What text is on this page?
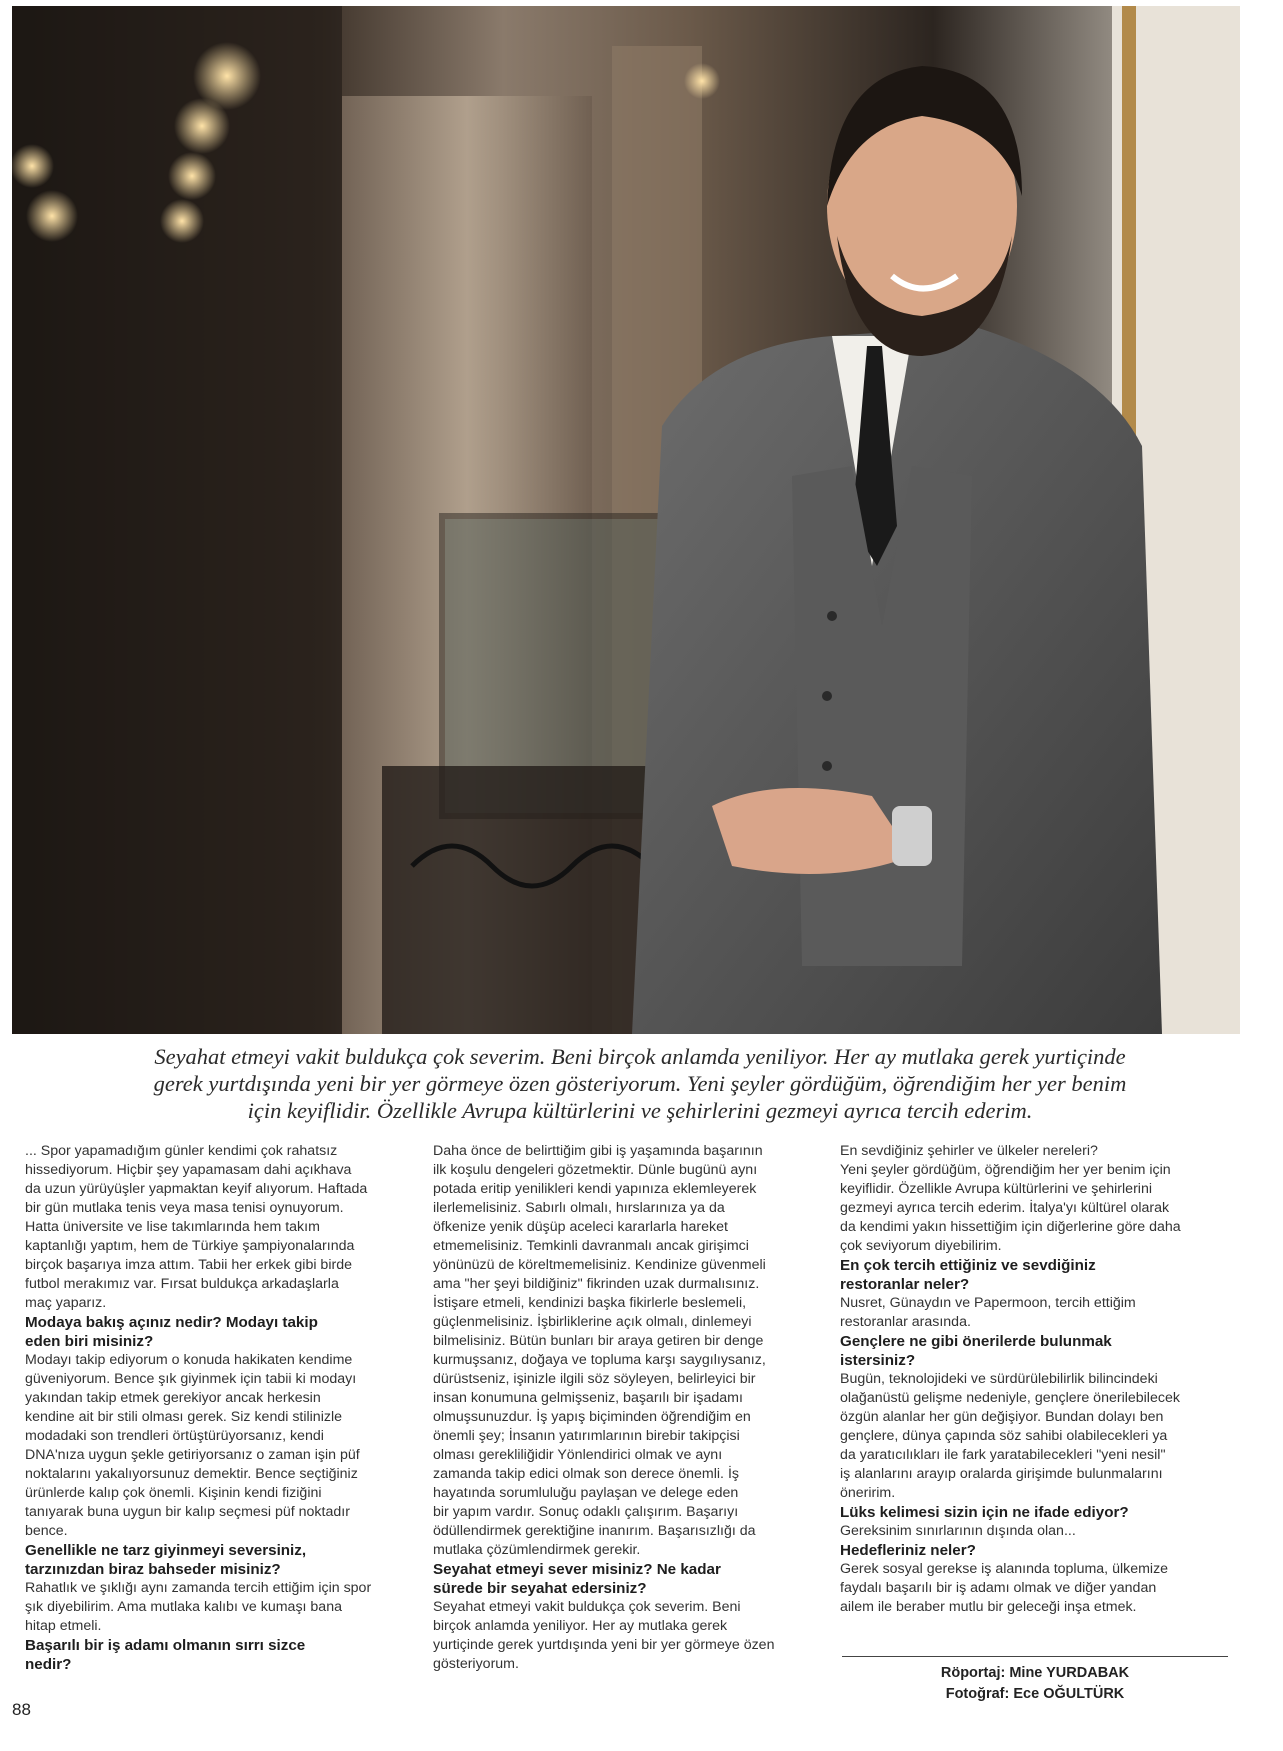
Seyahat etmeyi vakit buldukça çok severim. Beni birçok anlamda yeniliyor. Her ay mutlaka gerek yurtiçinde
gerek yurtdışında yeni bir yer görmeye özen gösteriyorum. Yeni şeyler gördüğüm, öğrendiğim her yer benim
için keyiflidir. Özellikle Avrupa kültürlerini ve şehirlerini gezmeyi ayrıca tercih ederim.

... Spor yapamadığım günler kendimi çok rahatsız
hissediyorum. Hiçbir şey yapamasam dahi açıkhava
da uzun yürüyüşler yapmaktan keyif alıyorum. Haftada
bir gün mutlaka tenis veya masa tenisi oynuyorum.
Hatta üniversite ve lise takımlarında hem takım
kaptanlığı yaptım, hem de Türkiye şampiyonalarında
birçok başarıya imza attım. Tabii her erkek gibi birde
futbol merakımız var. Fırsat buldukça arkadaşlarla
maç yaparız.

Modaya bakış açınız nedir? Modayı takip
eden biri misiniz?

Modayı takip ediyorum o konuda hakikaten kendime
güveniyorum. Bence şık giyinmek için tabii ki modayı
yakından takip etmek gerekiyor ancak herkesin
kendine ait bir stili olması gerek. Siz kendi stilinizle
modadaki son trendleri örtüştürüyorsanız, kendi
DNA'nıza uygun şekle getiriyorsanız o zaman işin püf
noktalarını yakalıyorsunuz demektir. Bence seçtiğiniz
ürünlerde kalıp çok önemli. Kişinin kendi fiziğini
tanıyarak buna uygun bir kalıp seçmesi püf noktadır
bence.

Genellikle ne tarz giyinmeyi seversiniz,
tarzınızdan biraz bahseder misiniz?

Rahatlık ve şıklığı aynı zamanda tercih ettiğim için spor
şık diyebilirim. Ama mutlaka kalıbı ve kumaşı bana
hitap etmeli.

Başarılı bir iş adamı olmanın sırrı sizce
nedir?

Daha önce de belirttiğim gibi iş yaşamında başarının
ilk koşulu dengeleri gözetmektir. Dünle bugünü aynı
potada eritip yenilikleri kendi yapınıza eklemleyerek
ilerlemelisiniz. Sabırlı olmalı, hırslarınıza ya da
öfkenize yenik düşüp aceleci kararlarla hareket
etmemelisiniz. Temkinli davranmalı ancak girişimci
yönünüzü de köreltmemelisiniz. Kendinize güvenmeli
ama "her şeyi bildiğiniz" fikrinden uzak durmalısınız.
İstişare etmeli, kendinizi başka fikirlerle beslemeli,
güçlenmelisiniz. İşbirliklerine açık olmalı, dinlemeyi
bilmelisiniz. Bütün bunları bir araya getiren bir denge
kurmuşsanız, doğaya ve topluma karşı saygılıysanız,
dürüstseniz, işinizle ilgili söz söyleyen, belirleyici bir
insan konumuna gelmişseniz, başarılı bir işadamı
olmuşsunuzdur. İş yapış biçiminden öğrendiğim en
önemli şey; İnsanın yatırımlarının birebir takipçisi
olması gerekliliğidir Yönlendirici olmak ve aynı
zamanda takip edici olmak son derece önemli. İş
hayatında sorumluluğu paylaşan ve delege eden
bir yapım vardır. Sonuç odaklı çalışırım. Başarıyı
ödüllendirmek gerektiğine inanırım. Başarısızlığı da
mutlaka çözümlendirmek gerekir.

Seyahat etmeyi sever misiniz? Ne kadar
sürede bir seyahat edersiniz?

Seyahat etmeyi vakit buldukça çok severim. Beni
birçok anlamda yeniliyor. Her ay mutlaka gerek
yurtiçinde gerek yurtdışında yeni bir yer görmeye özen
gösteriyorum.

En sevdiğiniz şehirler ve ülkeler nereleri?
Yeni şeyler gördüğüm, öğrendiğim her yer benim için
keyiflidir. Özellikle Avrupa kültürlerini ve şehirlerini
gezmeyi ayrıca tercih ederim. İtalya'yı kültürel olarak
da kendimi yakın hissettiğim için diğerlerine göre daha
çok seviyorum diyebilirim.

En çok tercih ettiğiniz ve sevdiğiniz
restoranlar neler?

Nusret, Günaydın ve Papermoon, tercih ettiğim
restoranlar arasında.

Gençlere ne gibi önerilerde bulunmak
istersiniz?

Bugün, teknolojideki ve sürdürülebilirlik bilincindeki
olağanüstü gelişme nedeniyle, gençlere önerilebilecek
özgün alanlar her gün değişiyor. Bundan dolayı ben
gençlere, dünya çapında söz sahibi olabilecekleri ya
da yaratıcılıkları ile fark yaratabilecekleri "yeni nesil"
iş alanlarını arayıp oralarda girişimde bulunmalarını
öneririm.

Lüks kelimesi sizin için ne ifade ediyor?

Gereksinim sınırlarının dışında olan...

Hedefleriniz neler?

Gerek sosyal gerekse iş alanında topluma, ülkemize
faydalı başarılı bir iş adamı olmak ve diğer yandan
ailem ile beraber mutlu bir geleceği inşa etmek.

Röportaj: Mine YURDABAK
Fotoğraf: Ece OĞULTÜRK
88
